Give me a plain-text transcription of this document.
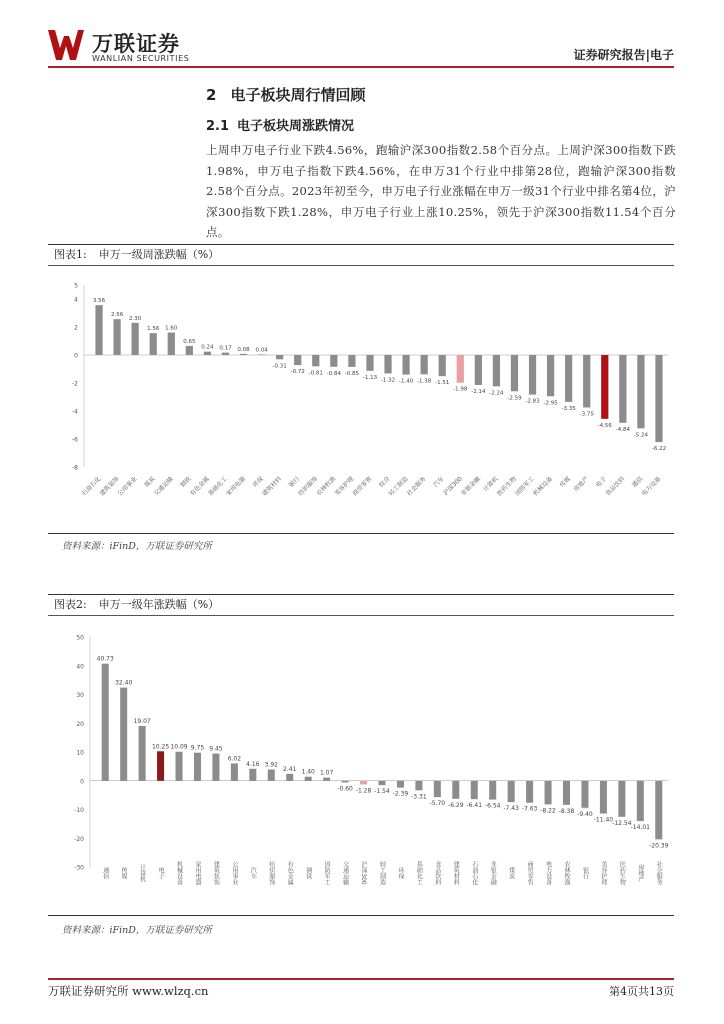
万联证券
WANLIAN SECURITIES	证券研究报告|电子
2 电子板块周行情回顾
2.1 电子板块周涨跌情况
上周申万电子行业下跌4.56%，跑输沪深300指数2.58个百分点。上周沪深300指数下跌1.98%，申万电子指数下跌4.56%，在申万31个行业中排第28位，跑输沪深300指数2.58个百分点。2023年初至今，申万电子行业涨幅在申万一级31个行业中排名第4位，沪深300指数下跌1.28%，申万电子行业上涨10.25%，领先于沪深300指数11.54个百分点。
图表1: 申万一级周涨跌幅（%）
5
4
2
0
-2
-4
-6
-8
3.56
石油石化
2.56
建筑装饰
2.30
公用事业
1.56
煤炭
1.60
交通运输
0.65
钢铁
0.24
有色金属
0.17
基础化工
0.08
家用电器
0.04
环保
-0.31
建筑材料
-0.72
银行
-0.81
纺织服饰
-0.84
农林牧渔
-0.85
美容护理
-1.13
商贸零售
-1.32
综合
-1.40
轻工制造
-1.38
社会服务
-1.51
汽车
-1.98
沪深300
-2.14
非银金融
-2.24
计算机
-2.59
医药生物
-2.83
国防军工
-2.95
机械设备
-3.35
传媒
-3.75
房地产
-4.56
电子
-4.84
食品饮料
-5.24
通信
-6.22
电力设备
资料来源：iFinD，万联证券研究所
图表2: 申万一级年涨跌幅（%）
50
40
30
20
10
0
-10
-20
-30
40.73
通信
32.40
传媒
19.07
计算机
10.25
电子
10.09
机械设备
9.75
家用电器
9.45
建筑装饰
6.02
公用事业
4.16
汽车
3.92
纺织服饰
2.41
有色金属
1.40
钢铁
1.07
国防军工
-0.60
交通运输
-1.28
沪深300
-1.54
轻工制造
-2.39
环保
-3.31
基础化工
-5.70
食品饮料
-6.29
建筑材料
-6.41
石油石化
-6.54
非银金融
-7.43
煤炭
-7.63
商贸零售
-8.22
电力设备
-8.38
农林牧渔
-9.40
银行
-11.40
美容护理
-12.54
医药生物
-14.01
房地产
-20.39
社会服务
资料来源：iFinD，万联证券研究所
万联证券研究所 www.wlzq.cn	第4页共13页
